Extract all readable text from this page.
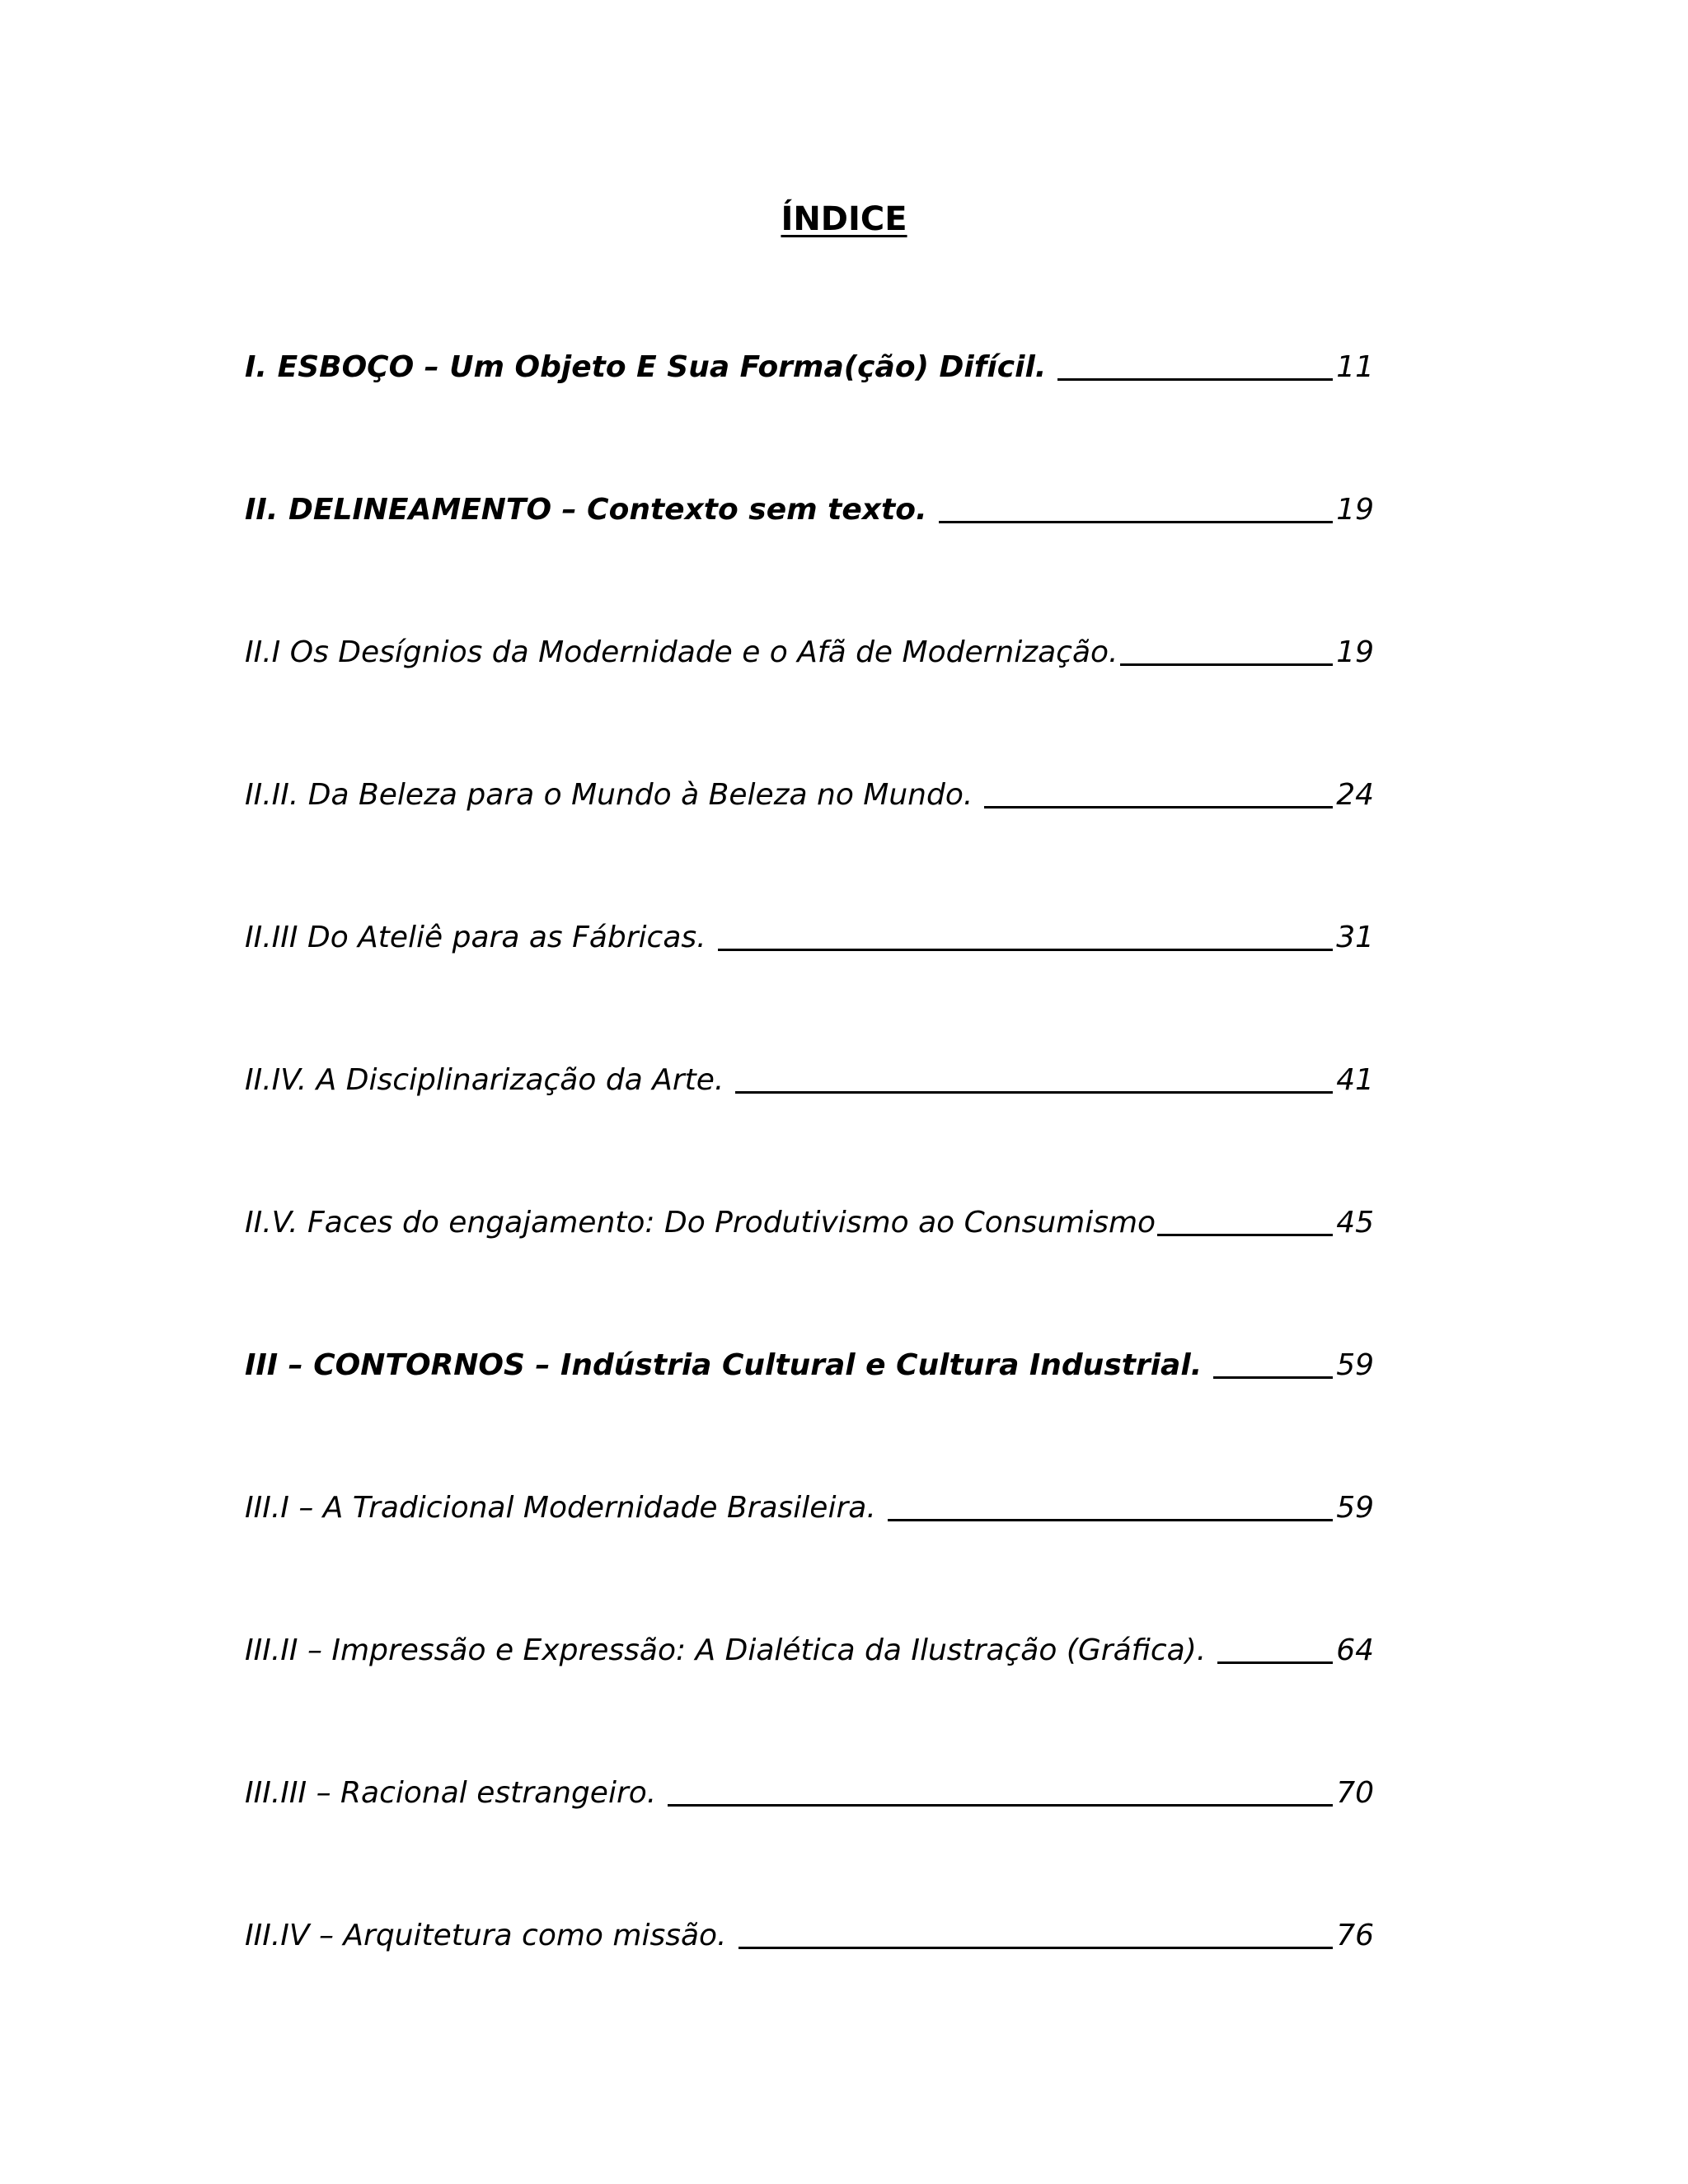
ÍNDICE
I. ESBOÇO – Um Objeto E Sua Forma(ção) Difícil.	11
II. DELINEAMENTO – Contexto sem texto.	19
II.I Os Desígnios da Modernidade e o Afã de Modernização.	19
II.II. Da Beleza para o Mundo à Beleza no Mundo.	24
II.III Do Ateliê para as Fábricas.	31
II.IV. A Disciplinarização da Arte.	41
II.V. Faces do engajamento: Do Produtivismo ao Consumismo	45
III – CONTORNOS – Indústria Cultural e Cultura Industrial.	59
III.I – A Tradicional Modernidade Brasileira.	59
III.II – Impressão e Expressão: A Dialética da Ilustração (Gráfica).	64
III.III – Racional estrangeiro.	70
III.IV – Arquitetura como missão.	76
